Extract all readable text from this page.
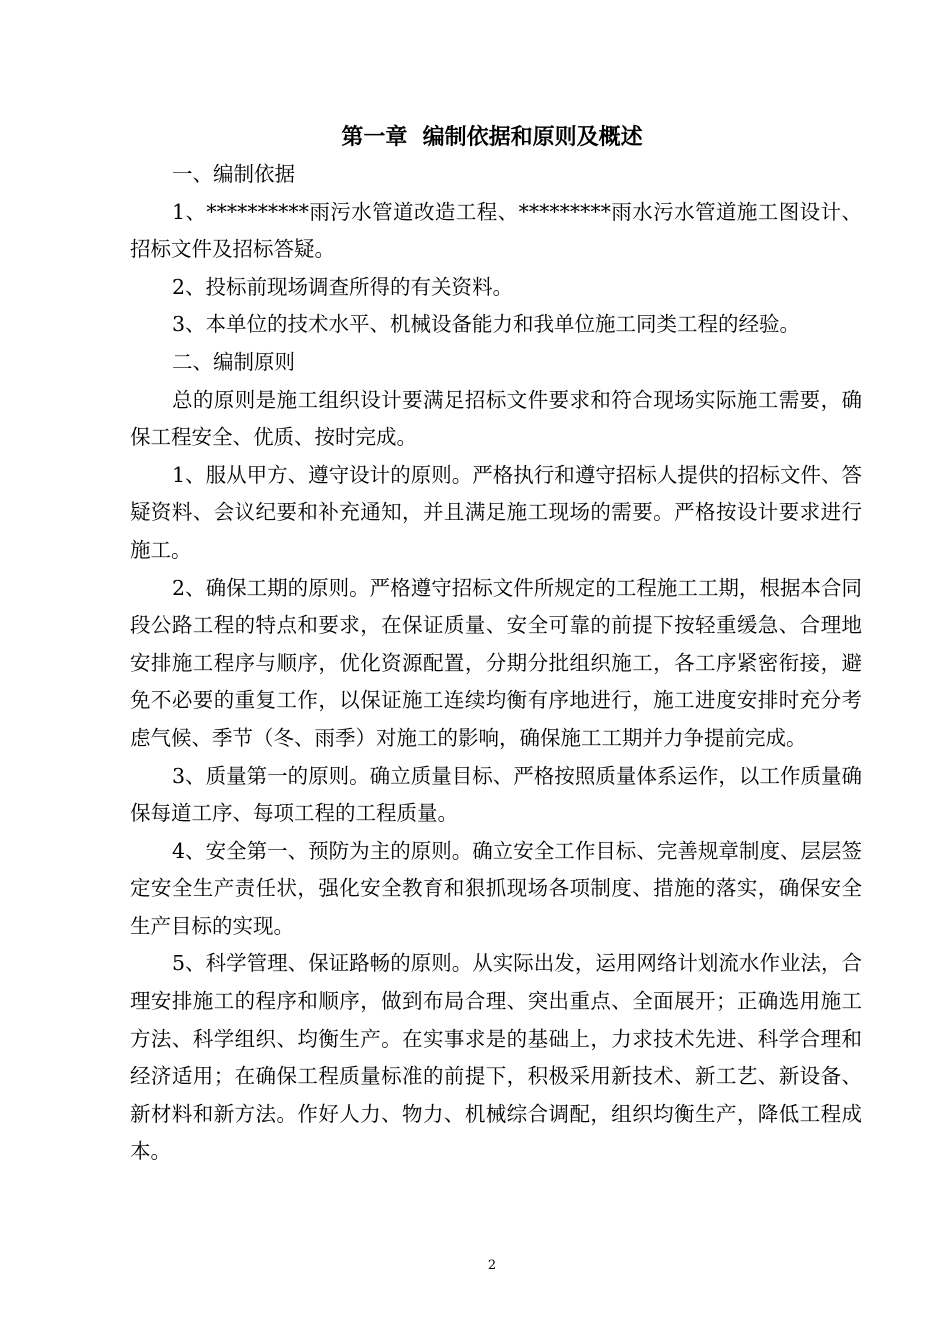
第一章  编制依据和原则及概述

一、编制依据

1、**********雨污水管道改造工程、*********雨水污水管道施工图设计、招标文件及招标答疑。

2、投标前现场调查所得的有关资料。

3、本单位的技术水平、机械设备能力和我单位施工同类工程的经验。

二、编制原则

总的原则是施工组织设计要满足招标文件要求和符合现场实际施工需要，确保工程安全、优质、按时完成。

1、服从甲方、遵守设计的原则。严格执行和遵守招标人提供的招标文件、答疑资料、会议纪要和补充通知，并且满足施工现场的需要。严格按设计要求进行施工。

2、确保工期的原则。严格遵守招标文件所规定的工程施工工期，根据本合同段公路工程的特点和要求，在保证质量、安全可靠的前提下按轻重缓急、合理地安排施工程序与顺序，优化资源配置，分期分批组织施工，各工序紧密衔接，避免不必要的重复工作，以保证施工连续均衡有序地进行，施工进度安排时充分考虑气候、季节（冬、雨季）对施工的影响，确保施工工期并力争提前完成。

3、质量第一的原则。确立质量目标、严格按照质量体系运作，以工作质量确保每道工序、每项工程的工程质量。

4、安全第一、预防为主的原则。确立安全工作目标、完善规章制度、层层签定安全生产责任状，强化安全教育和狠抓现场各项制度、措施的落实，确保安全生产目标的实现。

5、科学管理、保证路畅的原则。从实际出发，运用网络计划流水作业法，合理安排施工的程序和顺序，做到布局合理、突出重点、全面展开；正确选用施工方法、科学组织、均衡生产。在实事求是的基础上，力求技术先进、科学合理和经济适用；在确保工程质量标准的前提下，积极采用新技术、新工艺、新设备、新材料和新方法。作好人力、物力、机械综合调配，组织均衡生产，降低工程成本。

2
